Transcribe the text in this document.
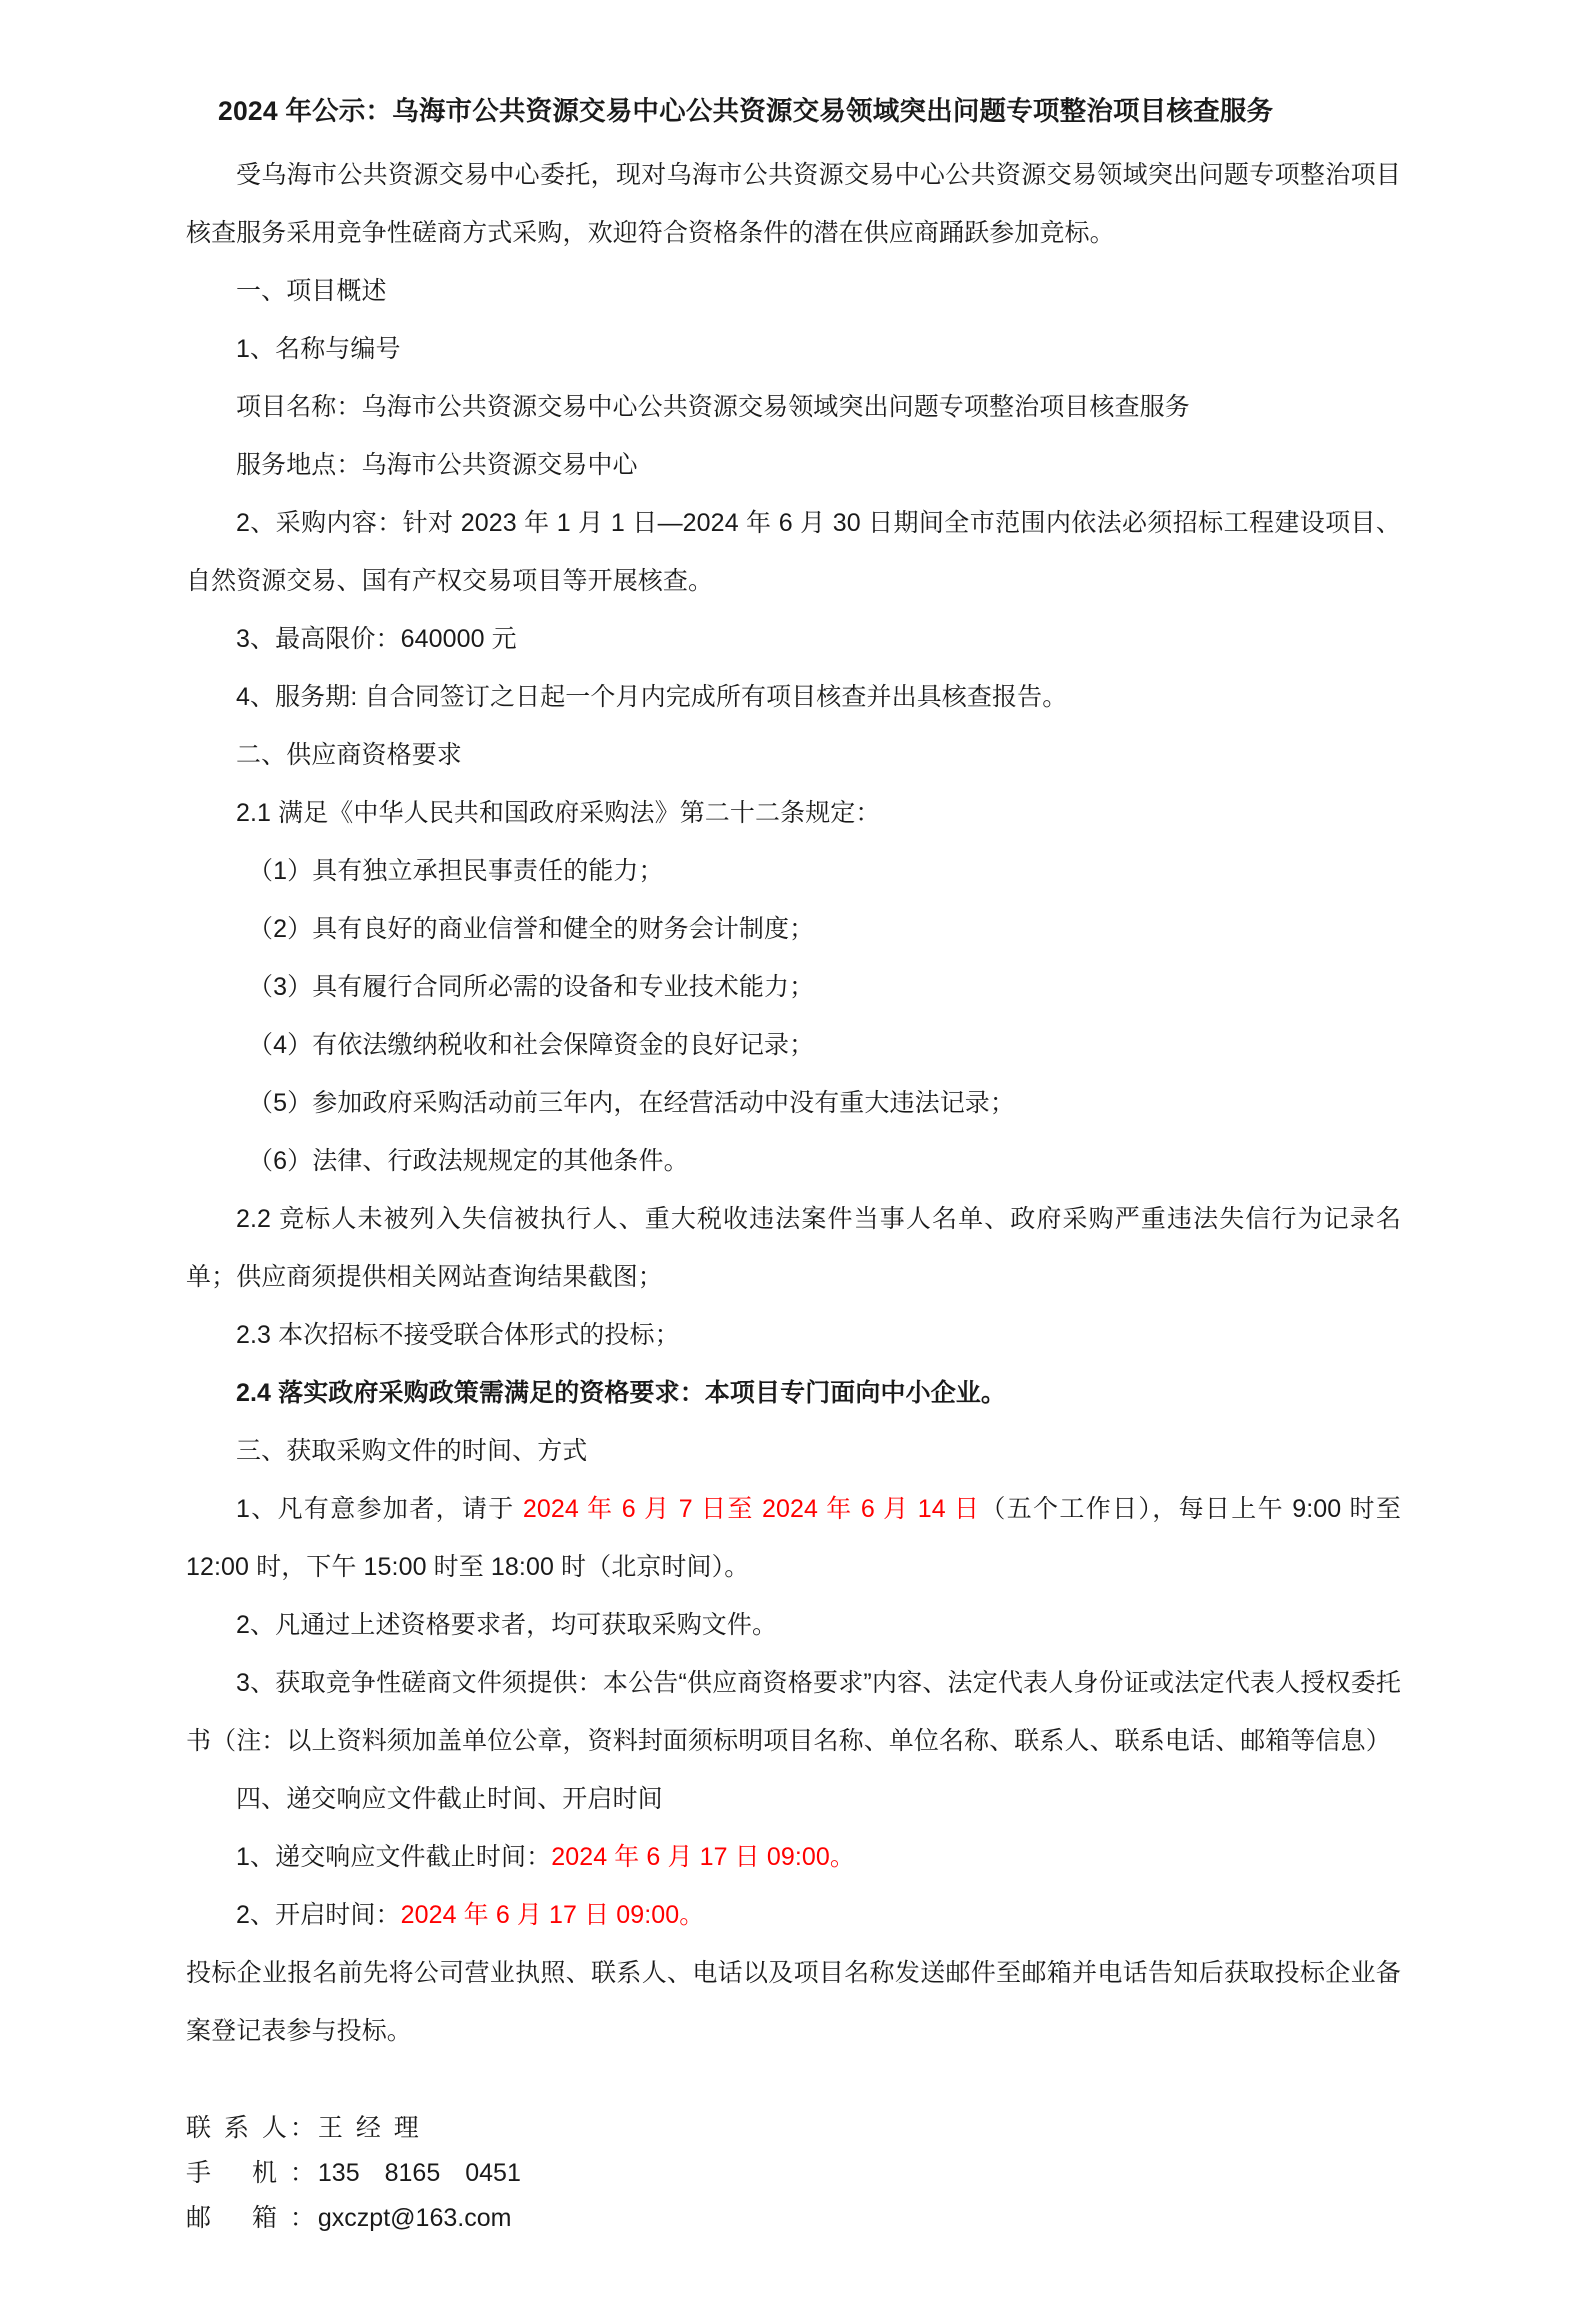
2024 年公示：乌海市公共资源交易中心公共资源交易领域突出问题专项整治项目核查服务

受乌海市公共资源交易中心委托，现对乌海市公共资源交易中心公共资源交易领域突出问题专项整治项目核查服务采用竞争性磋商方式采购，欢迎符合资格条件的潜在供应商踊跃参加竞标。

一、项目概述

1、名称与编号

项目名称：乌海市公共资源交易中心公共资源交易领域突出问题专项整治项目核查服务

服务地点：乌海市公共资源交易中心

2、采购内容：针对 2023 年 1 月 1 日—2024 年 6 月 30 日期间全市范围内依法必须招标工程建设项目、自然资源交易、国有产权交易项目等开展核查。

3、最高限价：640000 元

4、服务期: 自合同签订之日起一个月内完成所有项目核查并出具核查报告。

二、供应商资格要求

2.1 满足《中华人民共和国政府采购法》第二十二条规定：

（1）具有独立承担民事责任的能力；

（2）具有良好的商业信誉和健全的财务会计制度；

（3）具有履行合同所必需的设备和专业技术能力；

（4）有依法缴纳税收和社会保障资金的良好记录；

（5）参加政府采购活动前三年内，在经营活动中没有重大违法记录；

（6）法律、行政法规规定的其他条件。

2.2 竞标人未被列入失信被执行人、重大税收违法案件当事人名单、政府采购严重违法失信行为记录名单；供应商须提供相关网站查询结果截图；

2.3 本次招标不接受联合体形式的投标；

2.4 落实政府采购政策需满足的资格要求：本项目专门面向中小企业。

三、获取采购文件的时间、方式

1、凡有意参加者，请于 2024 年 6 月 7 日至 2024 年 6 月 14 日（五个工作日），每日上午 9:00 时至 12:00 时，下午 15:00 时至 18:00 时（北京时间）。

2、凡通过上述资格要求者，均可获取采购文件。

3、获取竞争性磋商文件须提供：本公告“供应商资格要求”内容、法定代表人身份证或法定代表人授权委托书（注：以上资料须加盖单位公章，资料封面须标明项目名称、单位名称、联系人、联系电话、邮箱等信息）

四、递交响应文件截止时间、开启时间

1、递交响应文件截止时间：2024 年 6 月 17 日 09:00。

2、开启时间：2024 年 6 月 17 日 09:00。

投标企业报名前先将公司营业执照、联系人、电话以及项目名称发送邮件至邮箱并电话告知后获取投标企业备案登记表参与投标。

联 系 人：王 经 理

手　 机 ：135　8165　0451

邮　 箱 ：gxczpt@163.com
